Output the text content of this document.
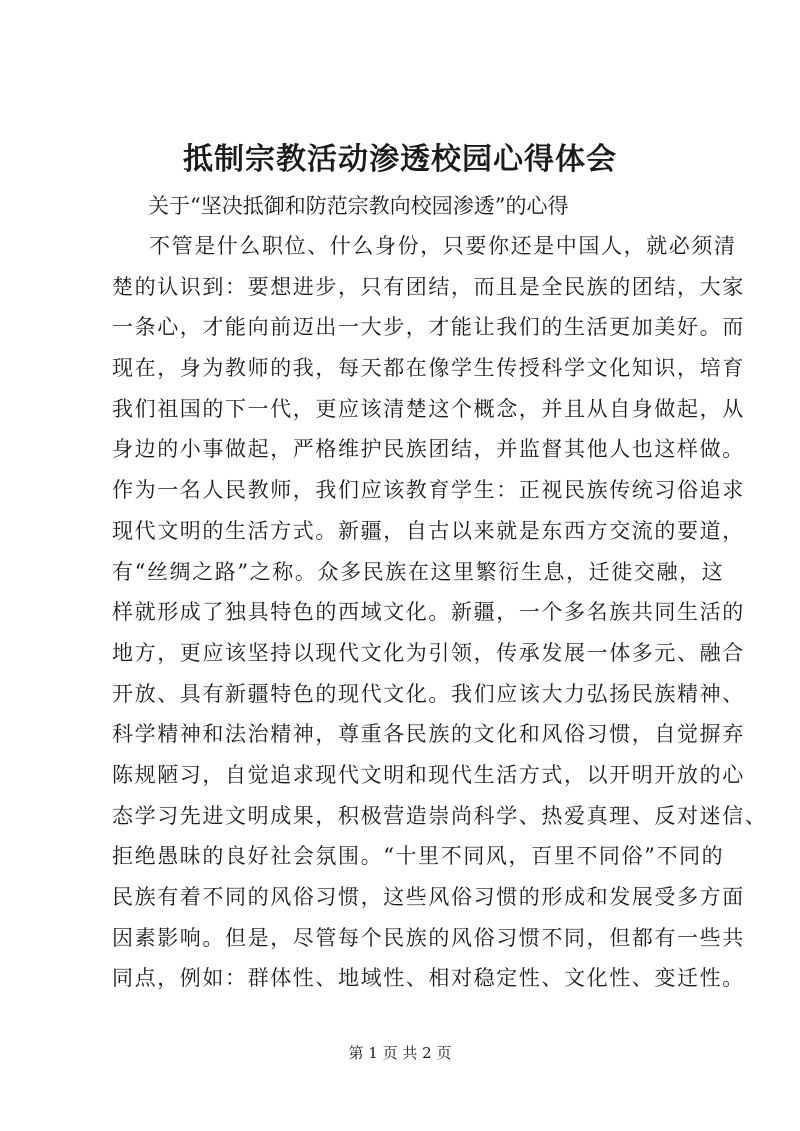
抵制宗教活动渗透校园心得体会

关于“坚决抵御和防范宗教向校园渗透”的心得

不管是什么职位、什么身份，只要你还是中国人，就必须清
楚的认识到：要想进步，只有团结，而且是全民族的团结，大家
一条心，才能向前迈出一大步，才能让我们的生活更加美好。而
现在，身为教师的我，每天都在像学生传授科学文化知识，培育
我们祖国的下一代，更应该清楚这个概念，并且从自身做起，从
身边的小事做起，严格维护民族团结，并监督其他人也这样做。
作为一名人民教师，我们应该教育学生：正视民族传统习俗追求
现代文明的生活方式。新疆，自古以来就是东西方交流的要道，
有“丝绸之路”之称。众多民族在这里繁衍生息，迁徙交融，这
样就形成了独具特色的西域文化。新疆，一个多名族共同生活的
地方，更应该坚持以现代文化为引领，传承发展一体多元、融合
开放、具有新疆特色的现代文化。我们应该大力弘扬民族精神、
科学精神和法治精神，尊重各民族的文化和风俗习惯，自觉摒弃
陈规陋习，自觉追求现代文明和现代生活方式，以开明开放的心
态学习先进文明成果，积极营造崇尚科学、热爱真理、反对迷信、
拒绝愚昧的良好社会氛围。“十里不同风，百里不同俗”不同的
民族有着不同的风俗习惯，这些风俗习惯的形成和发展受多方面
因素影响。但是，尽管每个民族的风俗习惯不同，但都有一些共
同点，例如：群体性、地域性、相对稳定性、文化性、变迁性。

第 1 页 共 2 页
